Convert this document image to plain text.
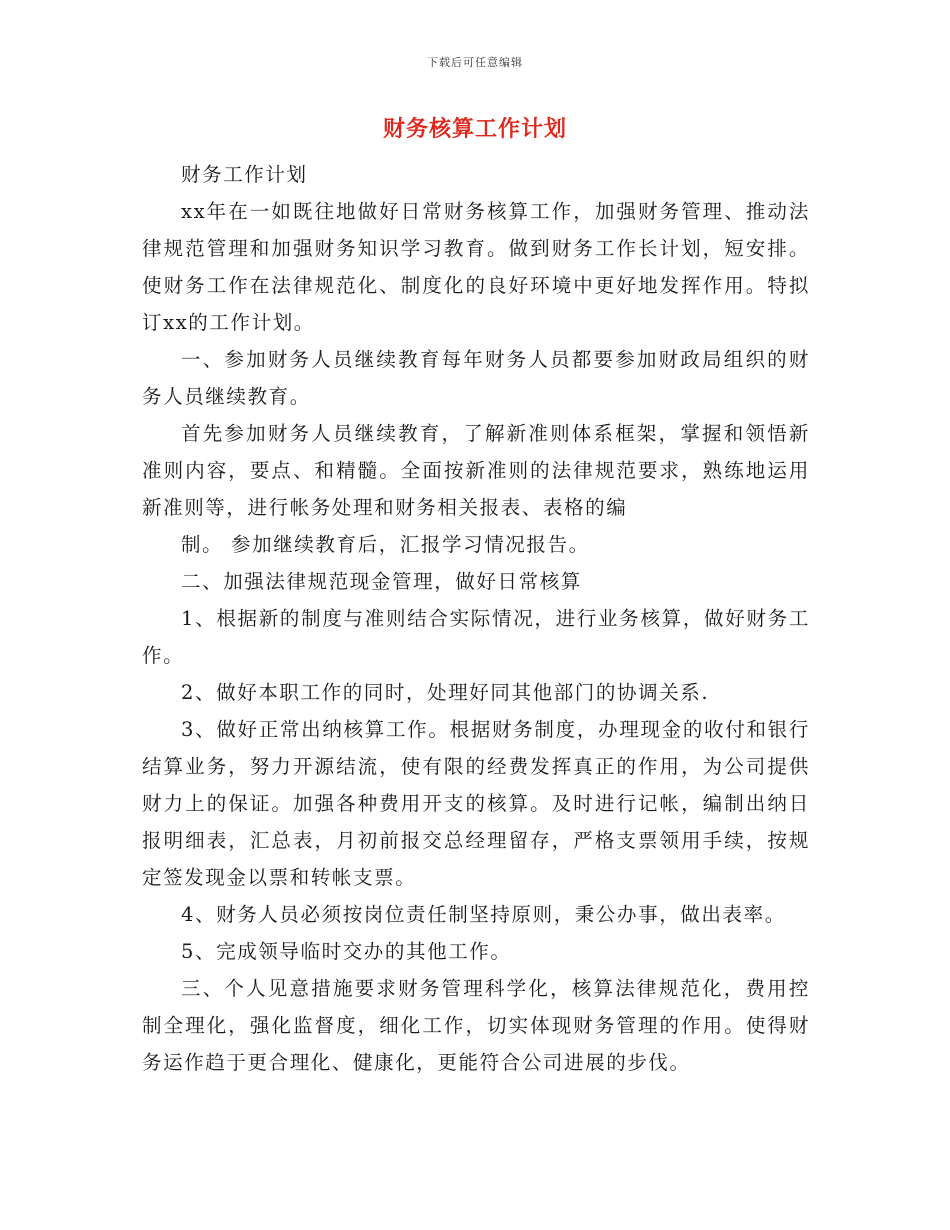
下载后可任意编辑
财务核算工作计划

财务工作计划

xx年在一如既往地做好日常财务核算工作，加强财务管理、推动法律规范管理和加强财务知识学习教育。做到财务工作长计划，短安排。使财务工作在法律规范化、制度化的良好环境中更好地发挥作用。特拟订xx的工作计划。

一、参加财务人员继续教育每年财务人员都要参加财政局组织的财务人员继续教育。

首先参加财务人员继续教育，了解新准则体系框架，掌握和领悟新准则内容，要点、和精髓。全面按新准则的法律规范要求，熟练地运用新准则等，进行帐务处理和财务相关报表、表格的编

制。 参加继续教育后，汇报学习情况报告。

二、加强法律规范现金管理，做好日常核算

1、根据新的制度与准则结合实际情况，进行业务核算，做好财务工作。

2、做好本职工作的同时，处理好同其他部门的协调关系.

3、做好正常出纳核算工作。根据财务制度，办理现金的收付和银行结算业务，努力开源结流，使有限的经费发挥真正的作用，为公司提供财力上的保证。加强各种费用开支的核算。及时进行记帐，编制出纳日报明细表，汇总表，月初前报交总经理留存，严格支票领用手续，按规定签发现金以票和转帐支票。

4、财务人员必须按岗位责任制坚持原则，秉公办事，做出表率。

5、完成领导临时交办的其他工作。

三、个人见意措施要求财务管理科学化，核算法律规范化，费用控制全理化，强化监督度，细化工作，切实体现财务管理的作用。使得财务运作趋于更合理化、健康化，更能符合公司进展的步伐。
